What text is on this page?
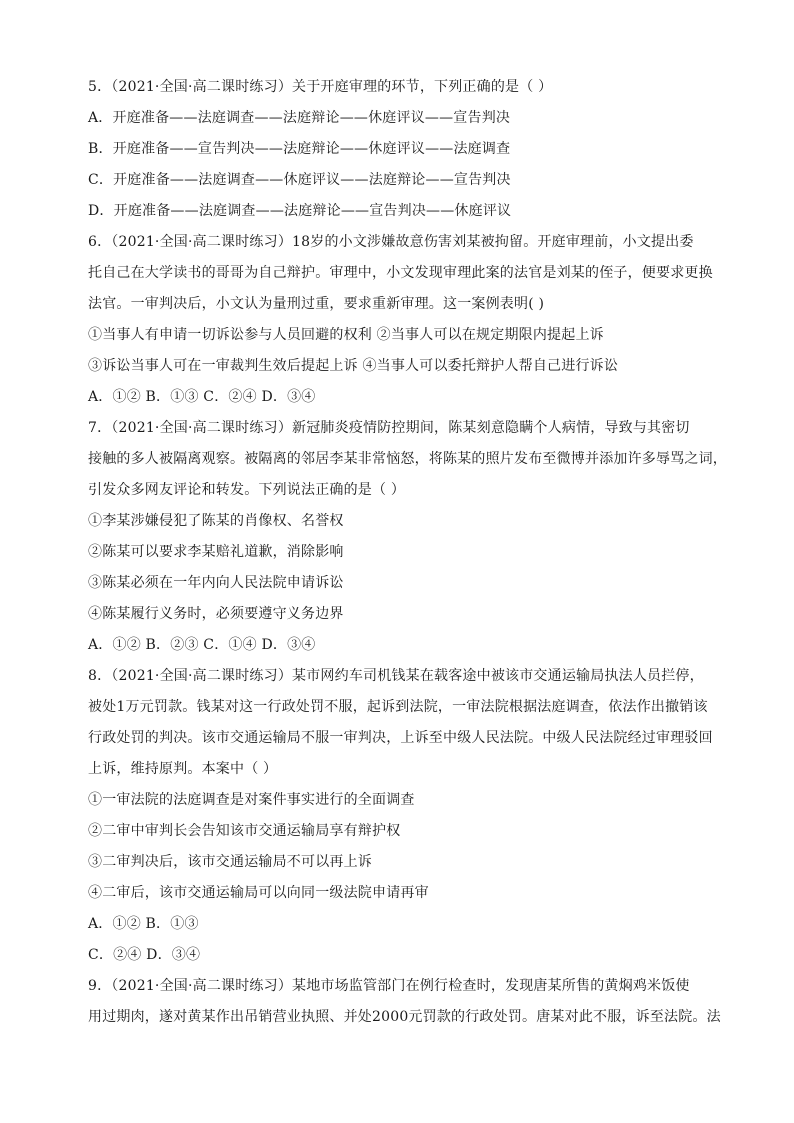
5．（2021·全国·高二课时练习）关于开庭审理的环节，下列正确的是（ ）

A．开庭准备——法庭调查——法庭辩论——休庭评议——宣告判决

B．开庭准备——宣告判决——法庭辩论——休庭评议——法庭调查

C．开庭准备——法庭调查——休庭评议——法庭辩论——宣告判决

D．开庭准备——法庭调查——法庭辩论——宣告判决——休庭评议

6．（2021·全国·高二课时练习）18岁的小文涉嫌故意伤害刘某被拘留。开庭审理前，小文提出委

托自己在大学读书的哥哥为自己辩护。审理中，小文发现审理此案的法官是刘某的侄子，便要求更换

法官。一审判决后，小文认为量刑过重，要求重新审理。这一案例表明( )

①当事人有申请一切诉讼参与人员回避的权利 ②当事人可以在规定期限内提起上诉

③诉讼当事人可在一审裁判生效后提起上诉 ④当事人可以委托辩护人帮自己进行诉讼

A．①② B．①③ C．②④ D．③④

7．（2021·全国·高二课时练习）新冠肺炎疫情防控期间，陈某刻意隐瞒个人病情，导致与其密切

接触的多人被隔离观察。被隔离的邻居李某非常恼怒，将陈某的照片发布至微博并添加许多辱骂之词，

引发众多网友评论和转发。下列说法正确的是（ ）

①李某涉嫌侵犯了陈某的肖像权、名誉权

②陈某可以要求李某赔礼道歉，消除影响

③陈某必须在一年内向人民法院申请诉讼

④陈某履行义务时，必须要遵守义务边界

A．①② B．②③ C．①④ D．③④

8．（2021·全国·高二课时练习）某市网约车司机钱某在载客途中被该市交通运输局执法人员拦停，

被处1万元罚款。钱某对这一行政处罚不服，起诉到法院，一审法院根据法庭调查，依法作出撤销该

行政处罚的判决。该市交通运输局不服一审判决，上诉至中级人民法院。中级人民法院经过审理驳回

上诉，维持原判。本案中（ ）

①一审法院的法庭调查是对案件事实进行的全面调查

②二审中审判长会告知该市交通运输局享有辩护权

③二审判决后，该市交通运输局不可以再上诉

④二审后，该市交通运输局可以向同一级法院申请再审

A．①② B．①③

C．②④ D．③④

9．（2021·全国·高二课时练习）某地市场监管部门在例行检查时，发现唐某所售的黄焖鸡米饭使

用过期肉，遂对黄某作出吊销营业执照、并处2000元罚款的行政处罚。唐某对此不服，诉至法院。法
